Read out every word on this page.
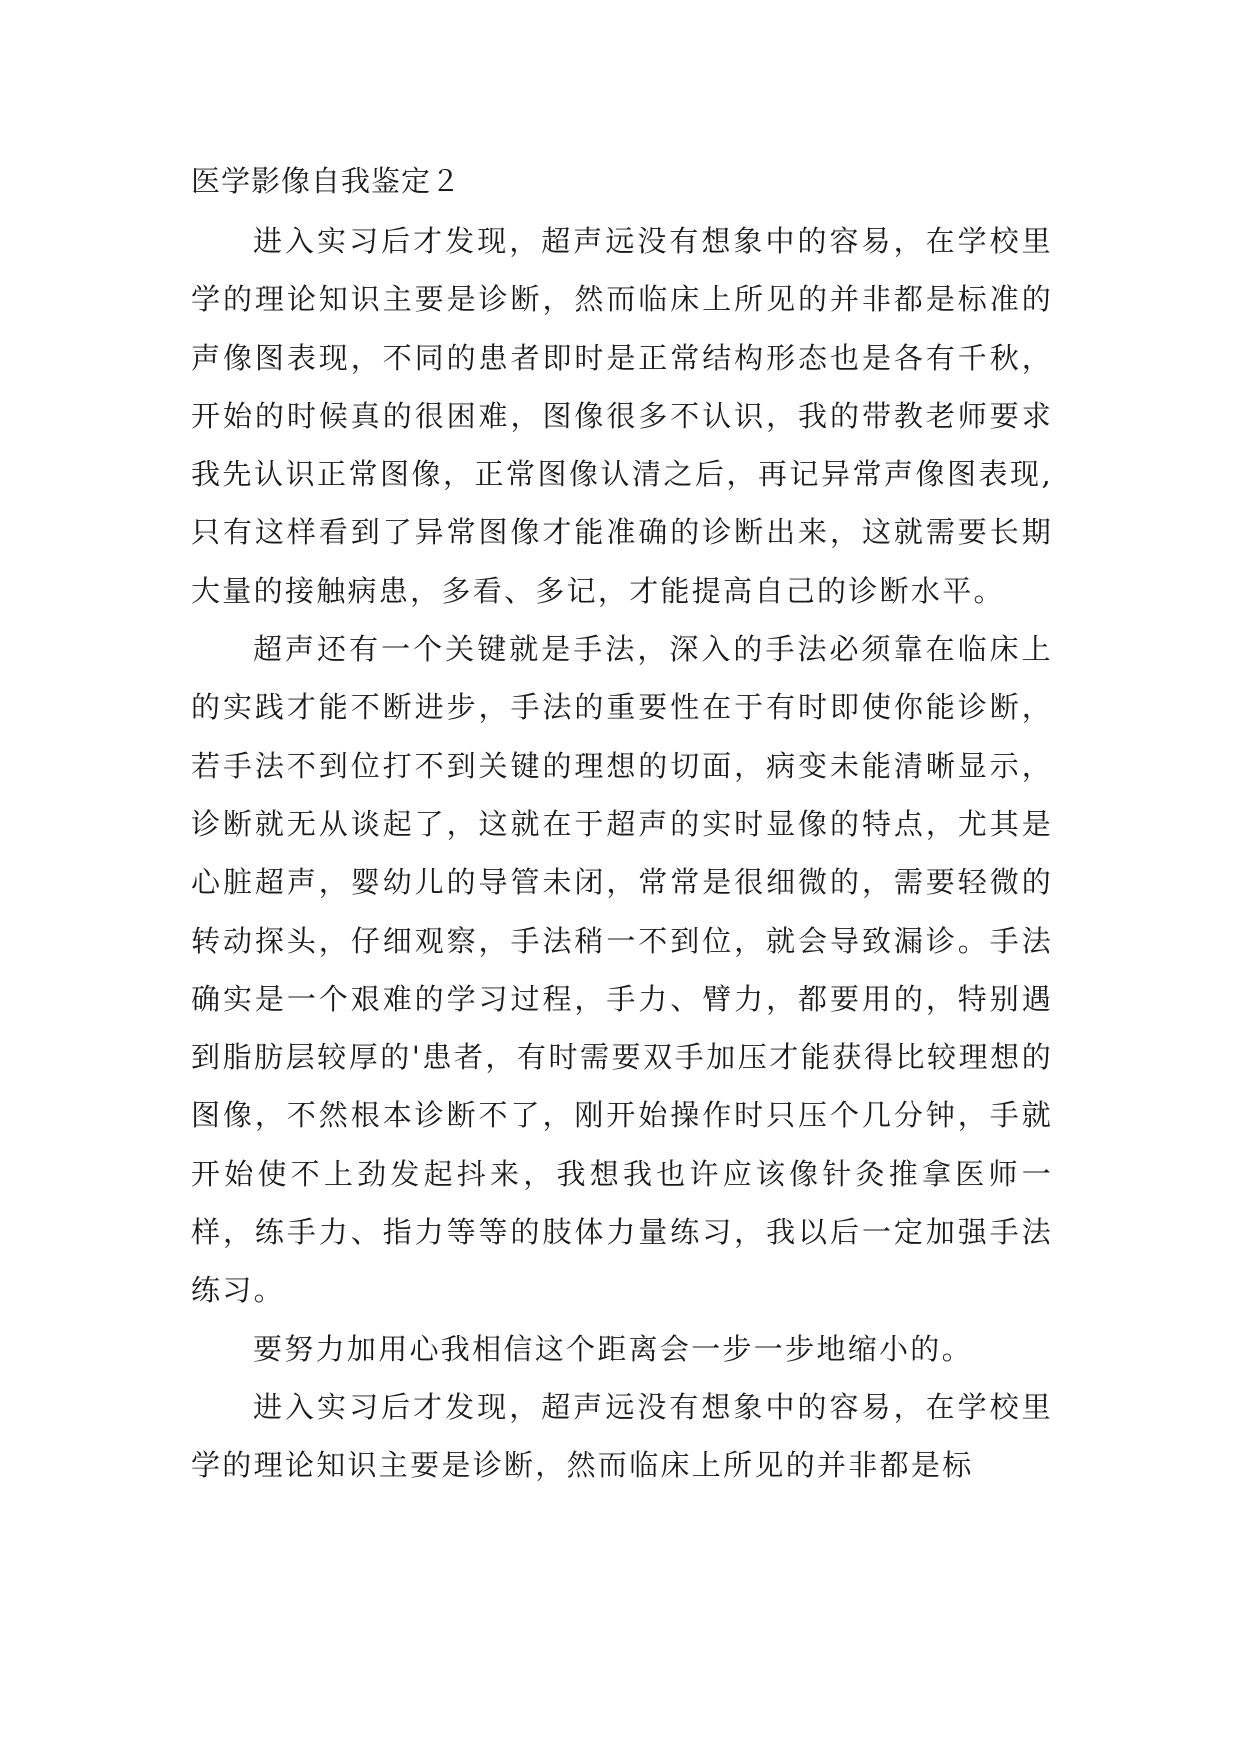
医学影像自我鉴定２

进入实习后才发现，超声远没有想象中的容易，在学校里学的理论知识主要是诊断，然而临床上所见的并非都是标准的声像图表现，不同的患者即时是正常结构形态也是各有千秋，开始的时候真的很困难，图像很多不认识，我的带教老师要求我先认识正常图像，正常图像认清之后，再记异常声像图表现,只有这样看到了异常图像才能准确的诊断出来，这就需要长期大量的接触病患，多看、多记，才能提高自己的诊断水平。

超声还有一个关键就是手法，深入的手法必须靠在临床上的实践才能不断进步，手法的重要性在于有时即使你能诊断，若手法不到位打不到关键的理想的切面，病变未能清晰显示，诊断就无从谈起了，这就在于超声的实时显像的特点，尤其是心脏超声，婴幼儿的导管未闭，常常是很细微的，需要轻微的转动探头，仔细观察，手法稍一不到位，就会导致漏诊。手法确实是一个艰难的学习过程，手力、臂力，都要用的，特别遇到脂肪层较厚的'患者，有时需要双手加压才能获得比较理想的图像，不然根本诊断不了，刚开始操作时只压个几分钟，手就开始使不上劲发起抖来，我想我也许应该像针灸推拿医师一样，练手力、指力等等的肢体力量练习，我以后一定加强手法练习。

要努力加用心我相信这个距离会一步一步地缩小的。

进入实习后才发现，超声远没有想象中的容易，在学校里学的理论知识主要是诊断，然而临床上所见的并非都是标
